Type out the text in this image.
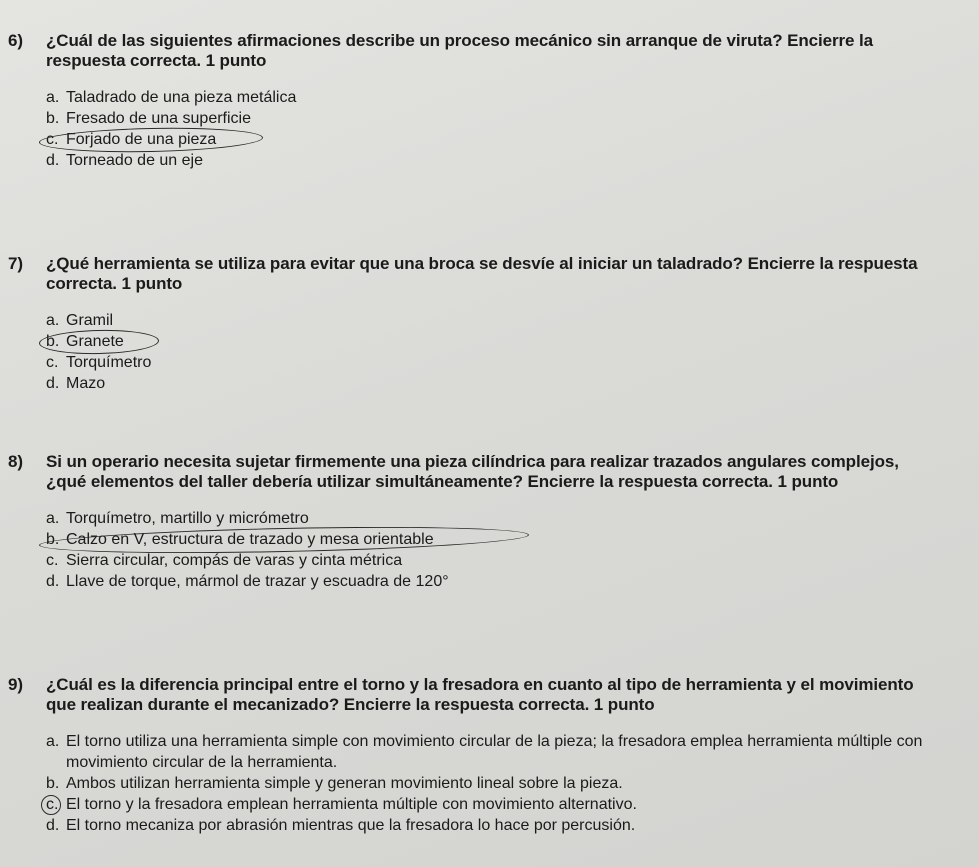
6)	¿Cuál de las siguientes afirmaciones describe un proceso mecánico sin arranque de viruta? Encierre la respuesta correcta. 1 punto
a. Taladrado de una pieza metálica
b. Fresado de una superficie
c. Forjado de una pieza
d. Torneado de un eje
7)	¿Qué herramienta se utiliza para evitar que una broca se desvíe al iniciar un taladrado? Encierre la respuesta correcta. 1 punto
a. Gramil
b. Granete
c. Torquímetro
d. Mazo
8)	Si un operario necesita sujetar firmemente una pieza cilíndrica para realizar trazados angulares complejos, ¿qué elementos del taller debería utilizar simultáneamente? Encierre la respuesta correcta. 1 punto
a. Torquímetro, martillo y micrómetro
b. Calzo en V, estructura de trazado y mesa orientable
c. Sierra circular, compás de varas y cinta métrica
d. Llave de torque, mármol de trazar y escuadra de 120°
9)	¿Cuál es la diferencia principal entre el torno y la fresadora en cuanto al tipo de herramienta y el movimiento que realizan durante el mecanizado? Encierre la respuesta correcta. 1 punto
a. El torno utiliza una herramienta simple con movimiento circular de la pieza; la fresadora emplea herramienta múltiple con movimiento circular de la herramienta.
b. Ambos utilizan herramienta simple y generan movimiento lineal sobre la pieza.
c. El torno y la fresadora emplean herramienta múltiple con movimiento alternativo.
d. El torno mecaniza por abrasión mientras que la fresadora lo hace por percusión.
